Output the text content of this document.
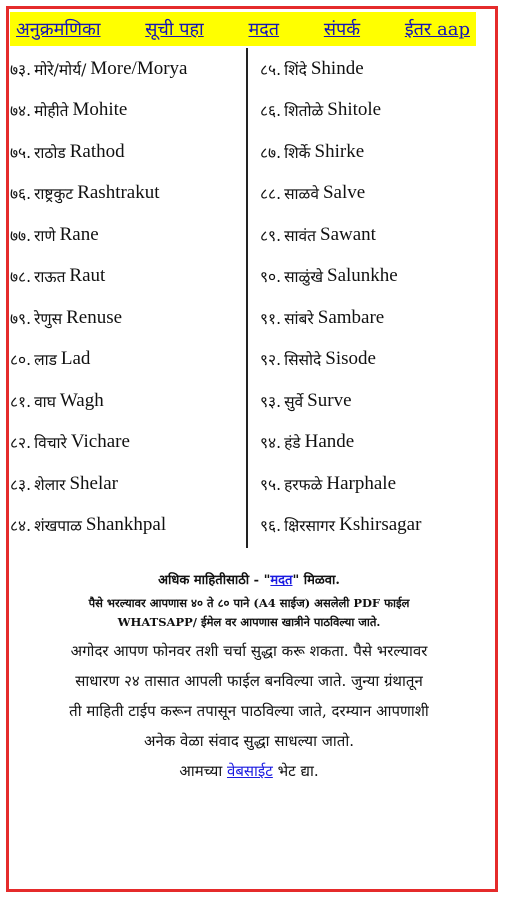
अनुक्रमणिका सूची पहा मदत संपर्क ईतर aap
७३. मोरे/मोर्य/ More/Morya
७४. मोहीते Mohite
७५. राठोड Rathod
७६. राष्ट्रकुट Rashtrakut
७७. राणे Rane
७८. राऊत Raut
७९. रेणुस Renuse
८०. लाड Lad
८१. वाघ Wagh
८२. विचारे Vichare
८३. शेलार Shelar
८४. शंखपाळ Shankhpal
८५. शिंदे Shinde
८६. शितोळे Shitole
८७. शिर्के Shirke
८८. साळवे Salve
८९. सावंत Sawant
९०. साळुंखे Salunkhe
९१. सांबरे Sambare
९२. सिसोदे Sisode
९३. सुर्वे Surve
९४. हंडे Hande
९५. हरफळे Harphale
९६. क्षिरसागर Kshirsagar
अधिक माहितीसाठी - "मदत" मिळवा.
पैसे भरल्यावर आपणास ४० ते ८० पाने (A4 साईज) असलेली PDF फाईल
WHATSAPP/ ईमेल वर आपणास खात्रीने पाठविल्या जाते.
अगोदर आपण फोनवर तशी चर्चा सुद्धा करू शकता. पैसे भरल्यावर
साधारण २४ तासात आपली फाईल बनविल्या जाते. जुन्या ग्रंथातून
ती माहिती टाईप करून तपासून पाठविल्या जाते, दरम्यान आपणाशी
अनेक वेळा संवाद सुद्धा साधल्या जातो.
आमच्या वेबसाईट भेट द्या.
